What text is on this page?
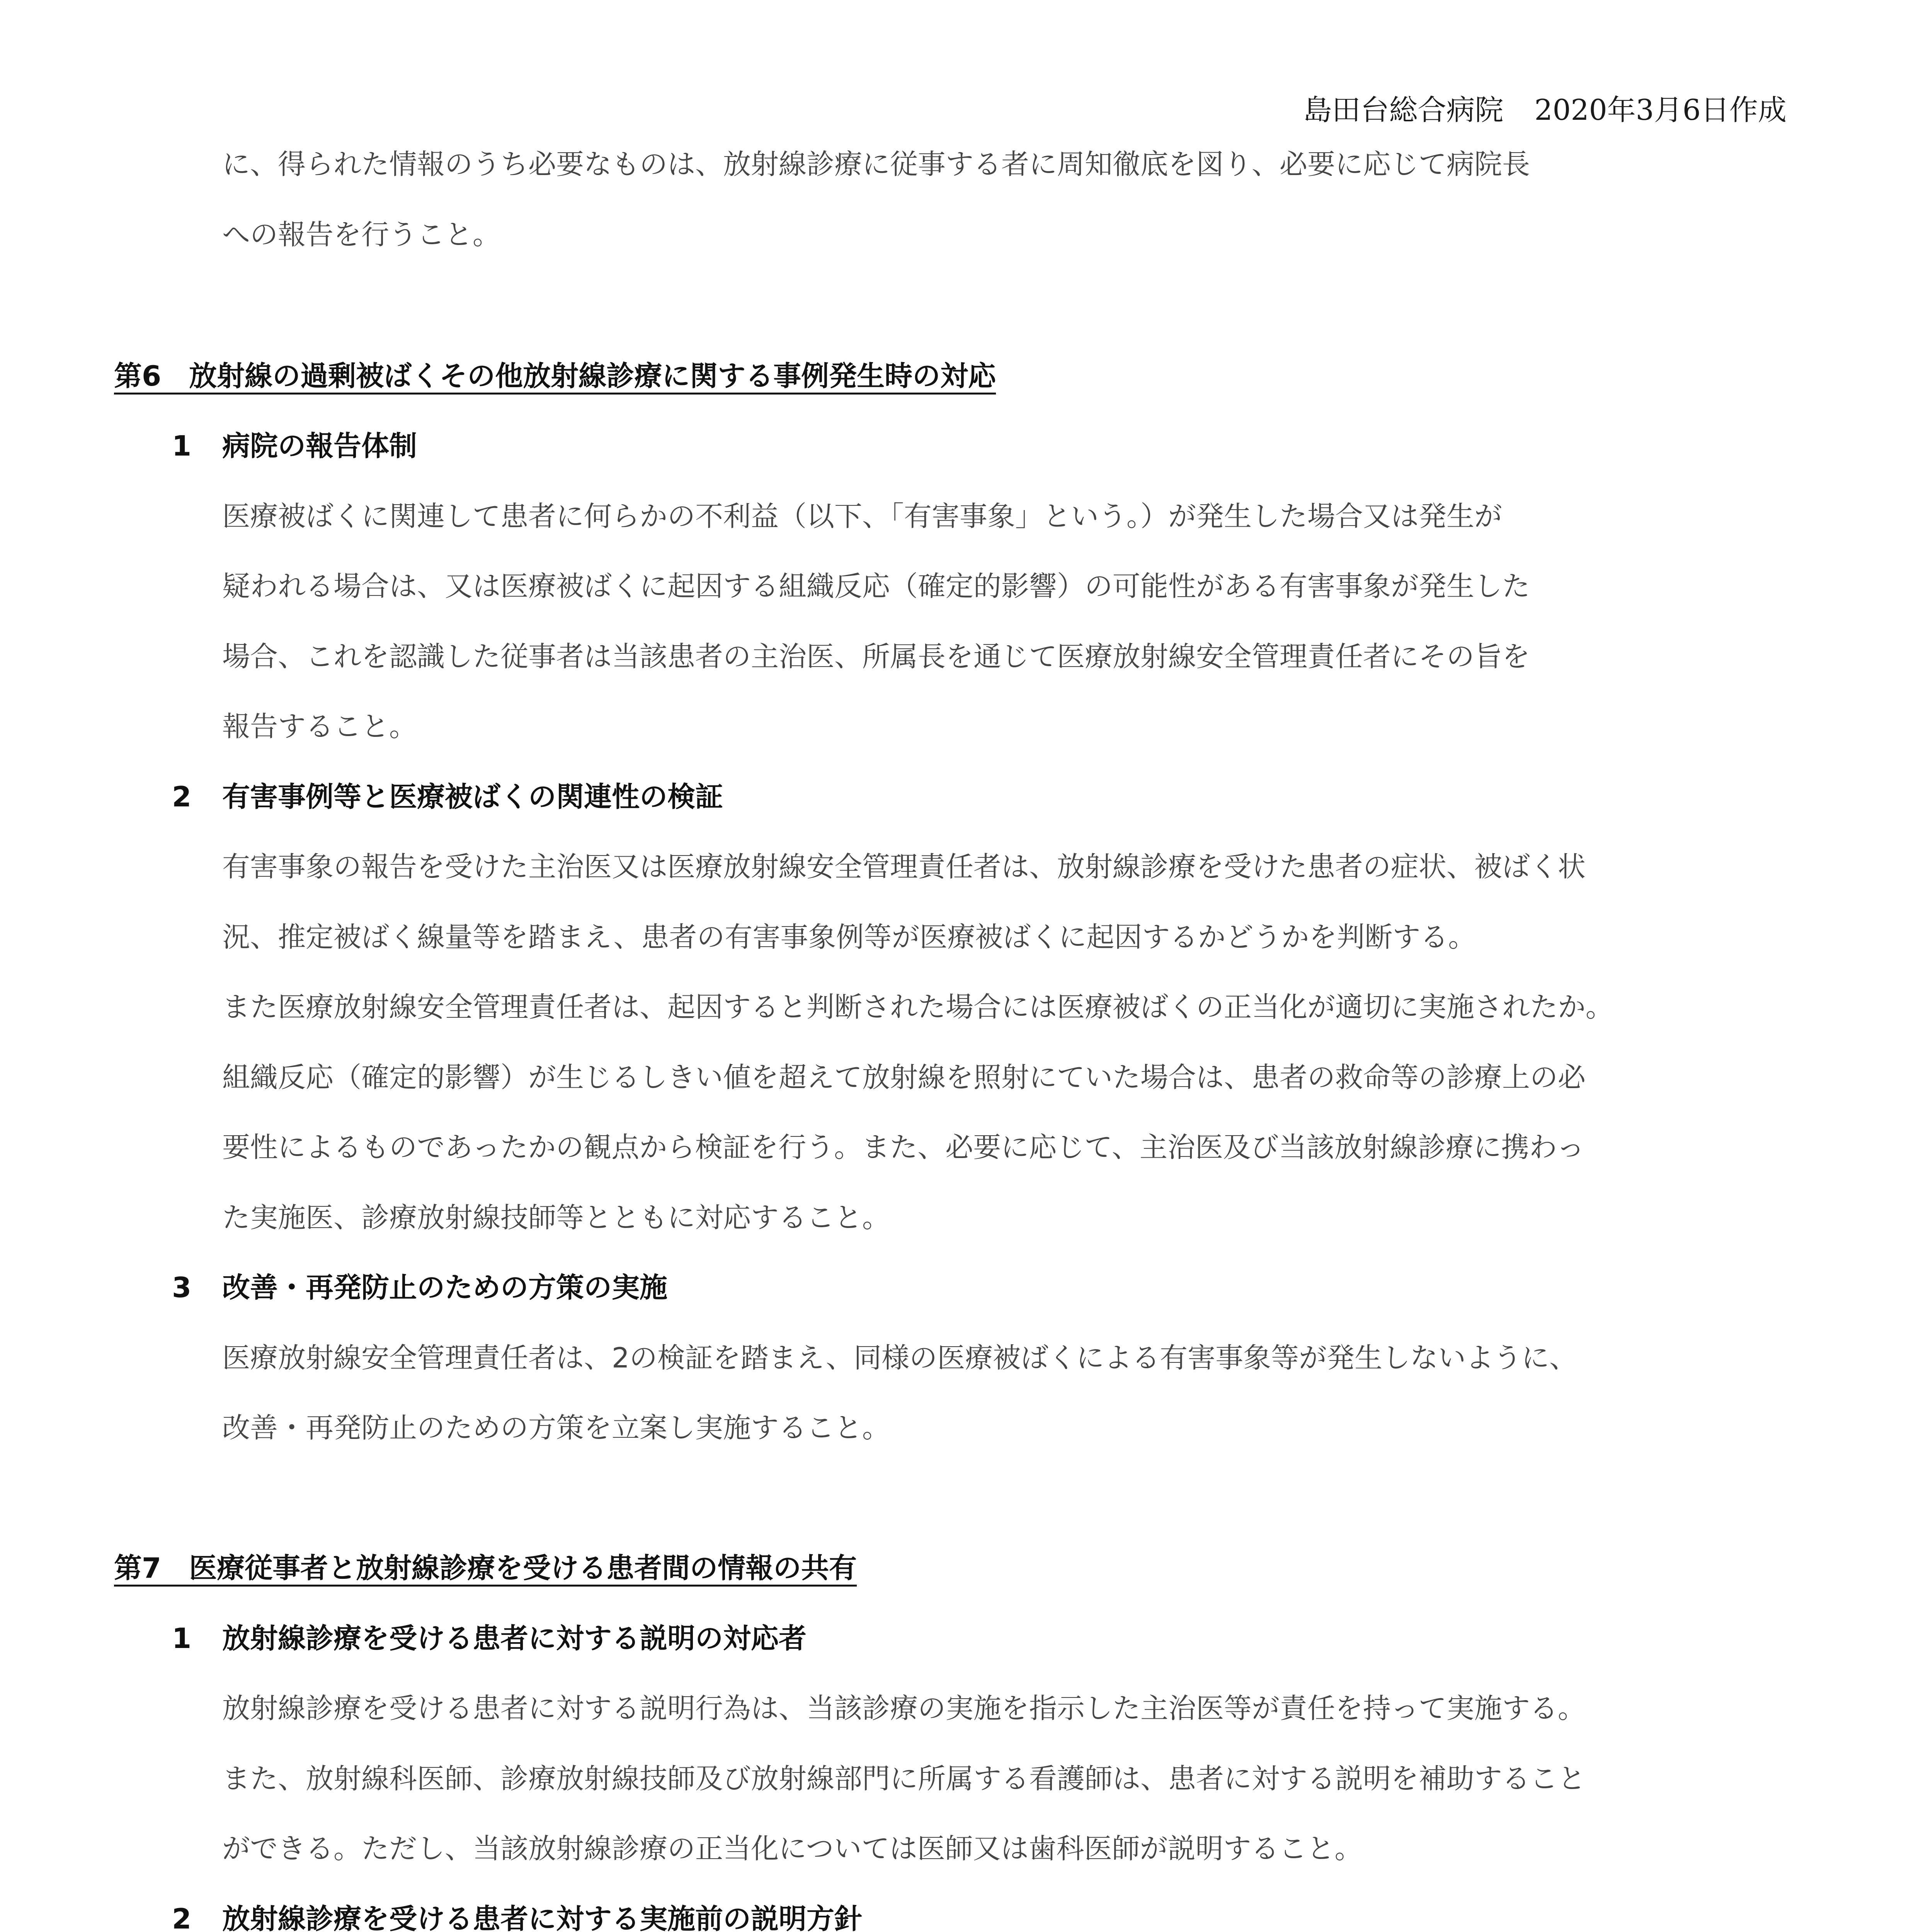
島田台総合病院 2020年3月6日作成
に、得られた情報のうち必要なものは、放射線診療に従事する者に周知徹底を図り、必要に応じて病院長
への報告を行うこと。
第6　放射線の過剰被ばくその他放射線診療に関する事例発生時の対応
1 病院の報告体制
医療被ばくに関連して患者に何らかの不利益（以下、「有害事象」という。）が発生した場合又は発生が
疑われる場合は、又は医療被ばくに起因する組織反応（確定的影響）の可能性がある有害事象が発生した
場合、これを認識した従事者は当該患者の主治医、所属長を通じて医療放射線安全管理責任者にその旨を
報告すること。
2 有害事例等と医療被ばくの関連性の検証
有害事象の報告を受けた主治医又は医療放射線安全管理責任者は、放射線診療を受けた患者の症状、被ばく状
況、推定被ばく線量等を踏まえ、患者の有害事象例等が医療被ばくに起因するかどうかを判断する。
また医療放射線安全管理責任者は、起因すると判断された場合には医療被ばくの正当化が適切に実施されたか。
組織反応（確定的影響）が生じるしきい値を超えて放射線を照射にていた場合は、患者の救命等の診療上の必
要性によるものであったかの観点から検証を行う。また、必要に応じて、主治医及び当該放射線診療に携わっ
た実施医、診療放射線技師等とともに対応すること。
3 改善・再発防止のための方策の実施
医療放射線安全管理責任者は、2の検証を踏まえ、同様の医療被ばくによる有害事象等が発生しないように、
改善・再発防止のための方策を立案し実施すること。
第7　医療従事者と放射線診療を受ける患者間の情報の共有
1 放射線診療を受ける患者に対する説明の対応者
放射線診療を受ける患者に対する説明行為は、当該診療の実施を指示した主治医等が責任を持って実施する。
また、放射線科医師、診療放射線技師及び放射線部門に所属する看護師は、患者に対する説明を補助すること
ができる。ただし、当該放射線診療の正当化については医師又は歯科医師が説明すること。
2 放射線診療を受ける患者に対する実施前の説明方針
